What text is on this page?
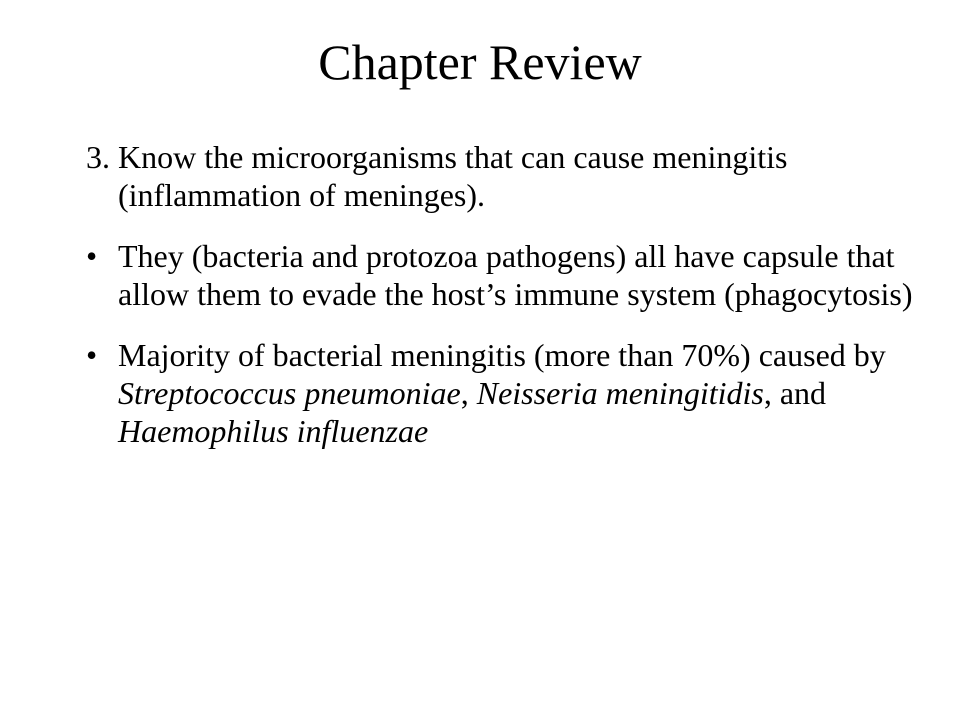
Chapter Review

3. Know the microorganisms that can cause meningitis (inflammation of meninges).

• They (bacteria and protozoa pathogens) all have capsule that allow them to evade the host’s immune system (phagocytosis)
• Majority of bacterial meningitis (more than 70%) caused by Streptococcus pneumoniae, Neisseria meningitidis, and Haemophilus influenzae
